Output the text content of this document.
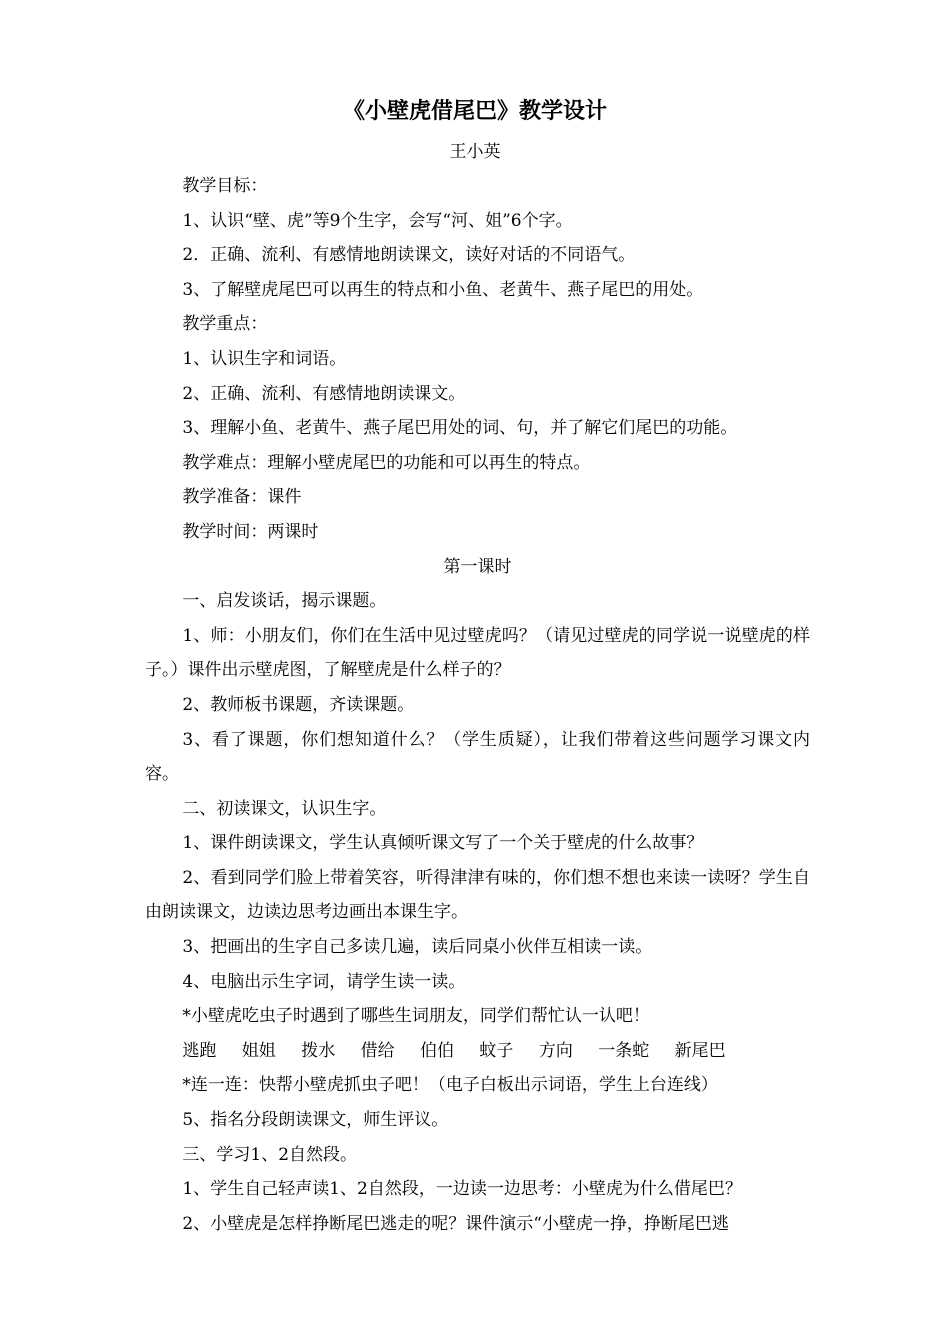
《小壁虎借尾巴》教学设计
王小英
教学目标：
1、认识“壁、虎”等9个生字，会写“河、姐”6个字。
2．正确、流利、有感情地朗读课文，读好对话的不同语气。
3、了解壁虎尾巴可以再生的特点和小鱼、老黄牛、燕子尾巴的用处。
教学重点：
1、认识生字和词语。
2、正确、流利、有感情地朗读课文。
3、理解小鱼、老黄牛、燕子尾巴用处的词、句，并了解它们尾巴的功能。
教学难点：理解小壁虎尾巴的功能和可以再生的特点。
教学准备：课件
教学时间：两课时
第一课时
一、启发谈话，揭示课题。
1、师：小朋友们，你们在生活中见过壁虎吗？（请见过壁虎的同学说一说壁虎的样子。）课件出示壁虎图，了解壁虎是什么样子的？
2、教师板书课题，齐读课题。
3、看了课题，你们想知道什么？（学生质疑），让我们带着这些问题学习课文内容。
二、初读课文，认识生字。
1、课件朗读课文，学生认真倾听课文写了一个关于壁虎的什么故事？
2、看到同学们脸上带着笑容，听得津津有味的，你们想不想也来读一读呀？学生自由朗读课文，边读边思考边画出本课生字。
3、把画出的生字自己多读几遍，读后同桌小伙伴互相读一读。
4、电脑出示生字词，请学生读一读。
*小壁虎吃虫子时遇到了哪些生词朋友，同学们帮忙认一认吧！
逃跑 姐姐 拨水 借给 伯伯 蚊子 方向 一条蛇 新尾巴
*连一连：快帮小壁虎抓虫子吧！（电子白板出示词语，学生上台连线）
5、指名分段朗读课文，师生评议。
三、学习1、2自然段。
1、学生自己轻声读1、2自然段，一边读一边思考：小壁虎为什么借尾巴？
2、小壁虎是怎样挣断尾巴逃走的呢？课件演示“小壁虎一挣，挣断尾巴逃
